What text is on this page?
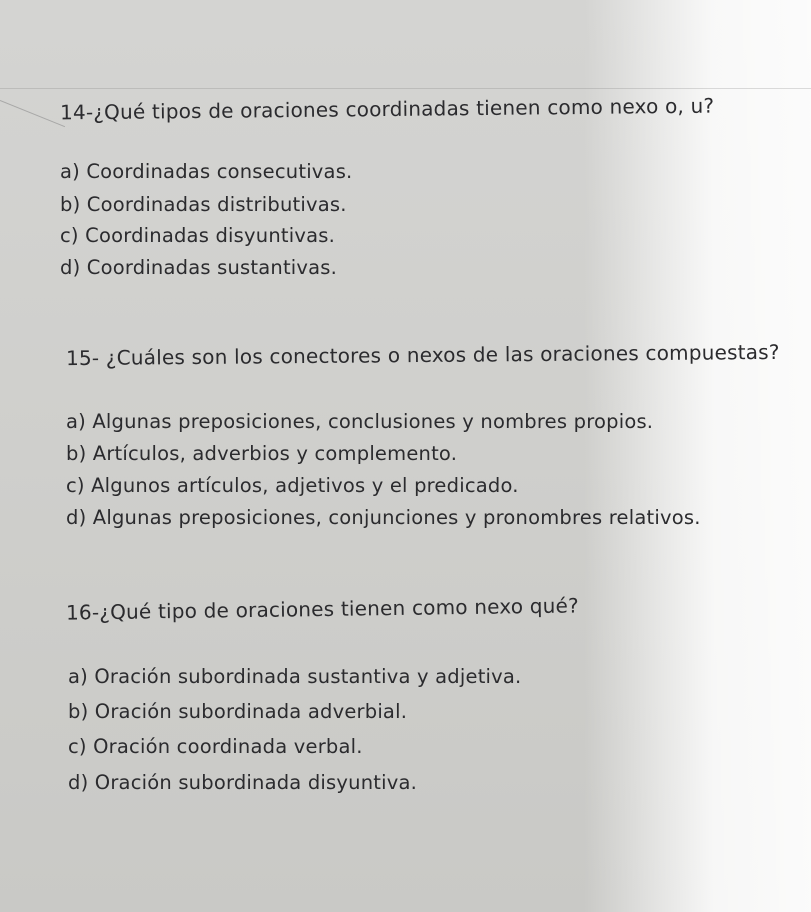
14-¿Qué tipos de oraciones coordinadas tienen como nexo o, u?

a) Coordinadas consecutivas.

b) Coordinadas distributivas.

c) Coordinadas disyuntivas.

d) Coordinadas sustantivas.

15- ¿Cuáles son los conectores o nexos de las oraciones compuestas?

a) Algunas preposiciones, conclusiones y nombres propios.

b) Artículos, adverbios y complemento.

c) Algunos artículos, adjetivos y el predicado.

d) Algunas preposiciones, conjunciones y pronombres relativos.

16-¿Qué tipo de oraciones tienen como nexo qué?

a) Oración subordinada sustantiva y adjetiva.

b) Oración subordinada adverbial.

c) Oración coordinada verbal.

d) Oración subordinada disyuntiva.
